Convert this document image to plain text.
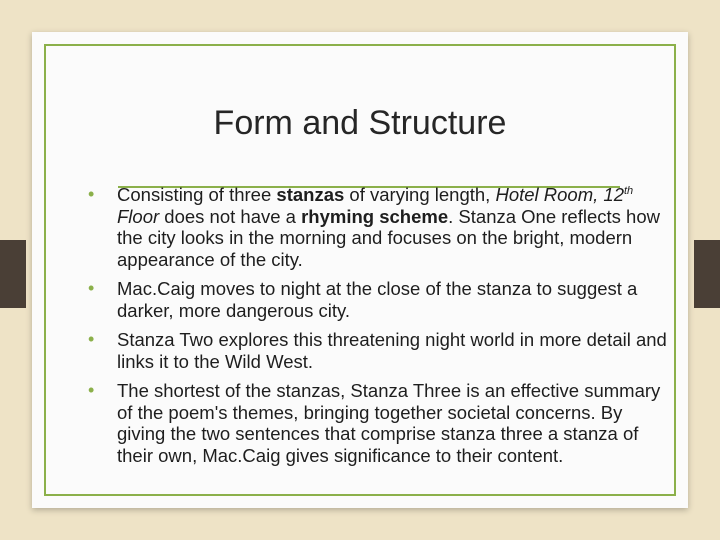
Form and Structure
• Consisting of three stanzas of varying length, Hotel Room, 12th Floor does not have a rhyming scheme. Stanza One reflects how the city looks in the morning and focuses on the bright, modern appearance of the city.
• Mac.Caig moves to night at the close of the stanza to suggest a darker, more dangerous city.
• Stanza Two explores this threatening night world in more detail and links it to the Wild West.
• The shortest of the stanzas, Stanza Three is an effective summary of the poem's themes, bringing together societal concerns. By giving the two sentences that comprise stanza three a stanza of their own, Mac.Caig gives significance to their content.
